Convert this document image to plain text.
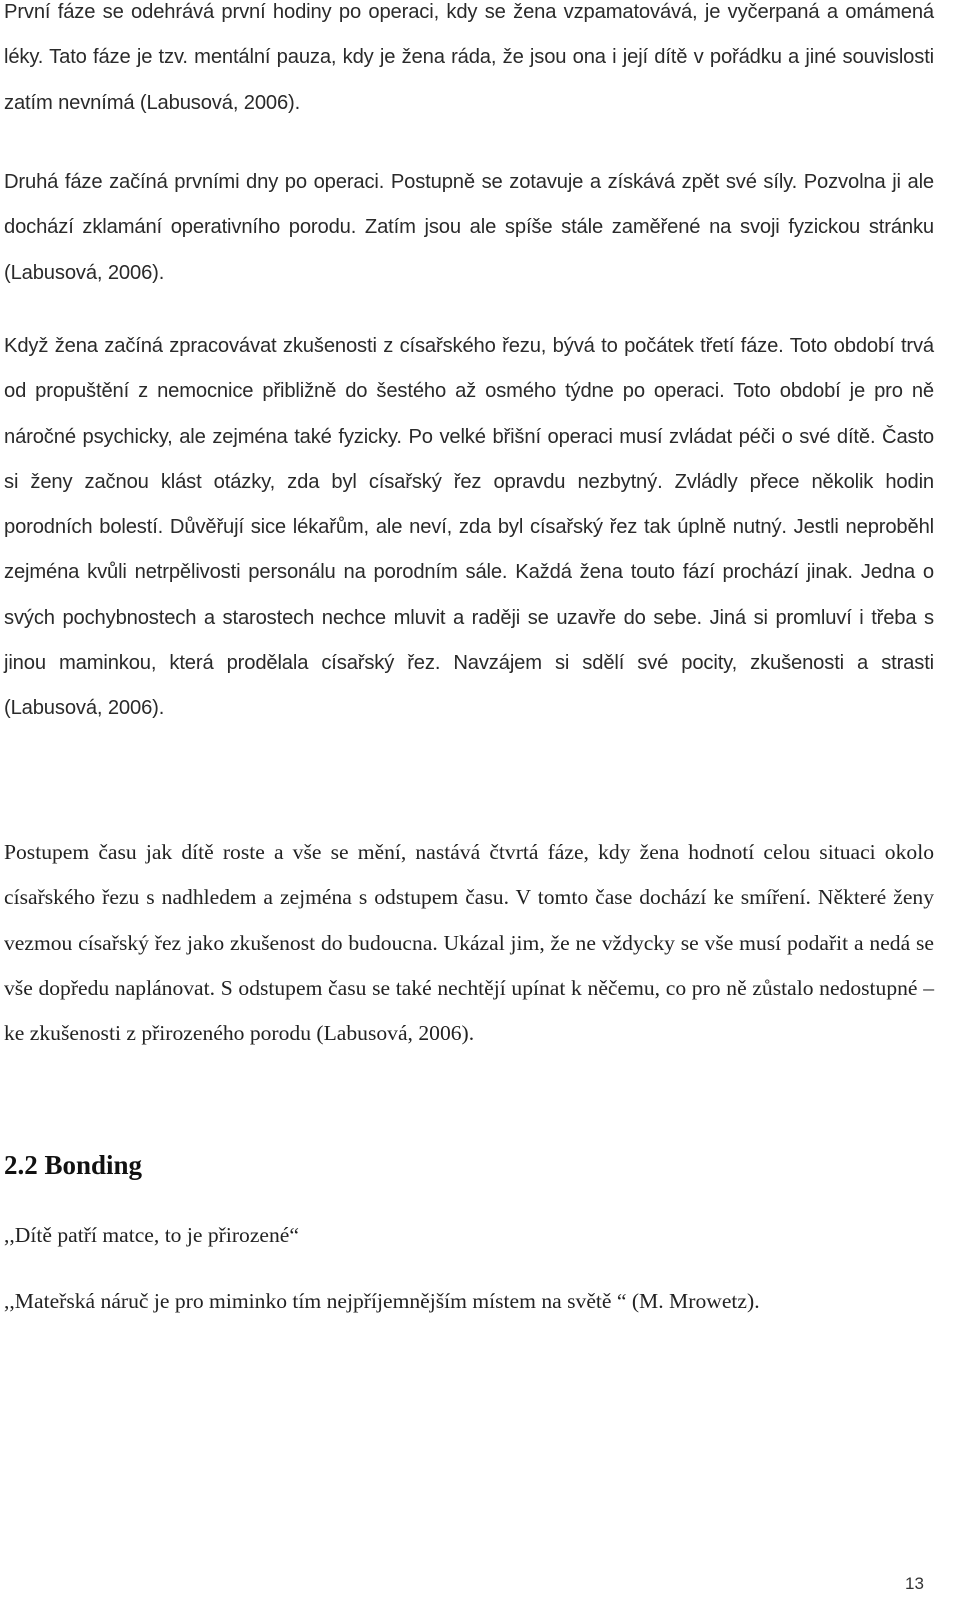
První fáze se odehrává první hodiny po operaci, kdy se žena vzpamatovává, je vyčerpaná a omámená léky. Tato fáze je tzv. mentální pauza, kdy je žena ráda, že jsou ona i její dítě v pořádku a jiné souvislosti zatím nevnímá (Labusová, 2006).

Druhá fáze začíná prvními dny po operaci. Postupně se zotavuje a získává zpět své síly. Pozvolna ji ale dochází zklamání operativního porodu. Zatím jsou ale spíše stále zaměřené na svoji fyzickou stránku (Labusová, 2006).

Když žena začíná zpracovávat zkušenosti z císařského řezu, bývá to počátek třetí fáze. Toto období trvá od propuštění z nemocnice přibližně do šestého až osmého týdne po operaci. Toto období je pro ně náročné psychicky, ale zejména také fyzicky. Po velké břišní operaci musí zvládat péči o své dítě. Často si ženy začnou klást otázky, zda byl císařský řez opravdu nezbytný. Zvládly přece několik hodin porodních bolestí. Důvěřují sice lékařům, ale neví, zda byl císařský řez tak úplně nutný. Jestli neproběhl zejména kvůli netrpělivosti personálu na porodním sále. Každá žena touto fází prochází jinak. Jedna o svých pochybnostech a starostech nechce mluvit a raději se uzavře do sebe. Jiná si promluví i třeba s jinou maminkou, která prodělala císařský řez. Navzájem si sdělí své pocity, zkušenosti a strasti (Labusová, 2006).

Postupem času jak dítě roste a vše se mění, nastává čtvrtá fáze, kdy žena hodnotí celou situaci okolo císařského řezu s nadhledem a zejména s odstupem času. V tomto čase dochází ke smíření. Některé ženy vezmou císařský řez jako zkušenost do budoucna. Ukázal jim, že ne vždycky se vše musí podařit a nedá se vše dopředu naplánovat. S odstupem času se také nechtějí upínat k něčemu, co pro ně zůstalo nedostupné – ke zkušenosti z přirozeného porodu (Labusová, 2006).

2.2 Bonding

,,Dítě patří matce, to je přirozené“

,,Mateřská náruč je pro miminko tím nejpříjemnějším místem na světě “ (M. Mrowetz).

13
